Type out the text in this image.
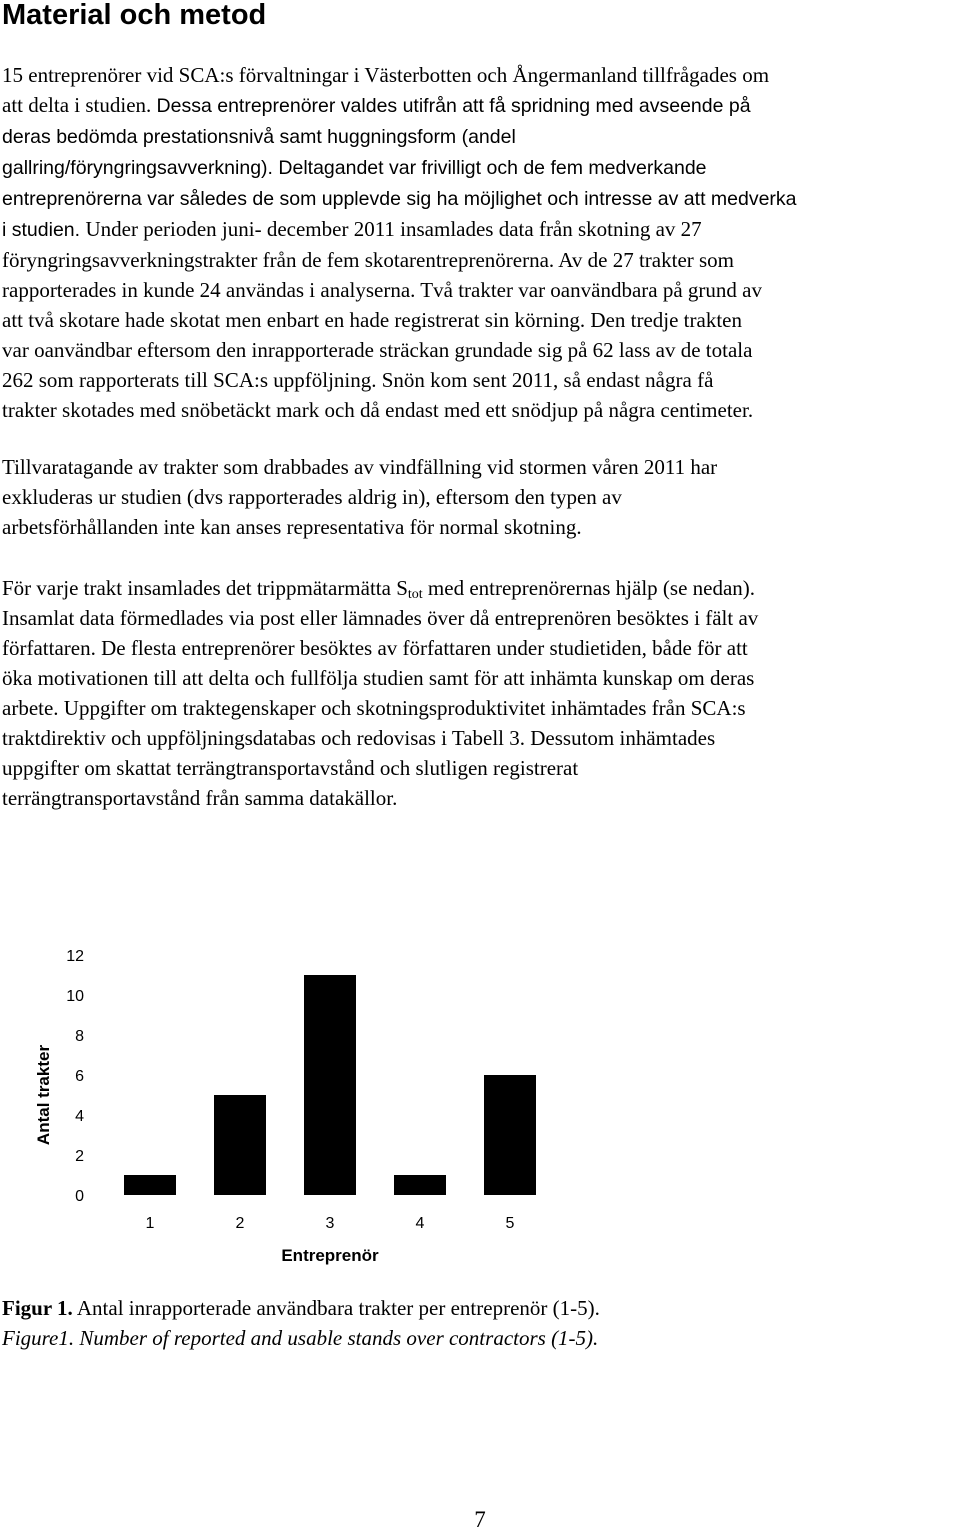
Material och metod

15 entreprenörer vid SCA:s förvaltningar i Västerbotten och Ångermanland tillfrågades om
att delta i studien. Dessa entreprenörer valdes utifrån att få spridning med avseende på
deras bedömda prestationsnivå samt huggningsform (andel
gallring/föryngringsavverkning). Deltagandet var frivilligt och de fem medverkande
entreprenörerna var således de som upplevde sig ha möjlighet och intresse av att medverka
i studien. Under perioden juni- december 2011 insamlades data från skotning av 27
föryngringsavverkningstrakter från de fem skotarentreprenörerna. Av de 27 trakter som
rapporterades in kunde 24 användas i analyserna. Två trakter var oanvändbara på grund av
att två skotare hade skotat men enbart en hade registrerat sin körning. Den tredje trakten
var oanvändbar eftersom den inrapporterade sträckan grundade sig på 62 lass av de totala
262 som rapporterats till SCA:s uppföljning. Snön kom sent 2011, så endast några få
trakter skotades med snöbetäckt mark och då endast med ett snödjup på några centimeter.

Tillvaratagande av trakter som drabbades av vindfällning vid stormen våren 2011 har
exkluderas ur studien (dvs rapporterades aldrig in), eftersom den typen av
arbetsförhållanden inte kan anses representativa för normal skotning.

För varje trakt insamlades det trippmätarmätta $S_{tot}$ med entreprenörernas hjälp (se nedan).
Insamlat data förmedlades via post eller lämnades över då entreprenören besöktes i fält av
författaren. De flesta entreprenörer besöktes av författaren under studietiden, både för att
öka motivationen till att delta och fullfölja studien samt för att inhämta kunskap om deras
arbete. Uppgifter om traktegenskaper och skotningsproduktivitet inhämtades från SCA:s
traktdirektiv och uppföljningsdatabas och redovisas i Tabell 3. Dessutom inhämtades
uppgifter om skattat terrängtransportavstånd och slutligen registrerat
terrängtransportavstånd från samma datakällor.

0
2
4
6
8
10
12
1	2	3	4	5
Entreprenör
Antal trakter
Figur 1. Antal inrapporterade användbara trakter per entreprenör (1-5).
Figure1. Number of reported and usable stands over contractors (1-5).
7
